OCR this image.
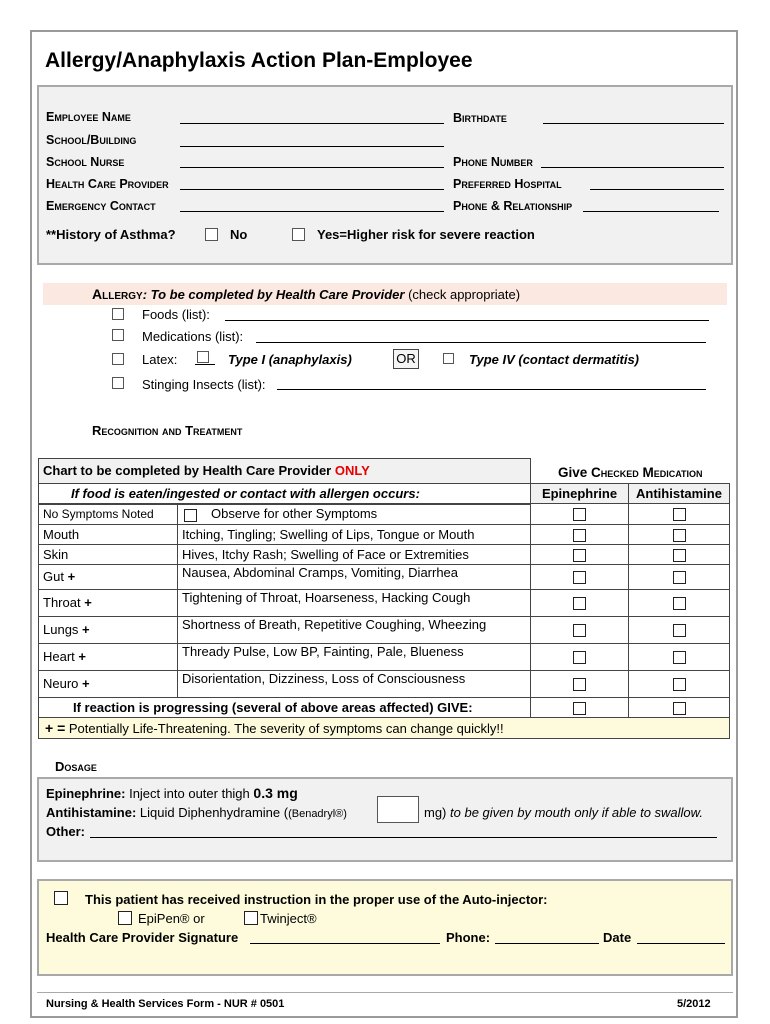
Allergy/Anaphylaxis Action Plan-Employee
Employee Name	Birthdate
School/Building
School Nurse	Phone Number
Health Care Provider	Preferred Hospital
Emergency Contact	Phone & Relationship
**History of Asthma?	No	Yes=Higher risk for severe reaction
Allergy: To be completed by Health Care Provider (check appropriate)
Foods (list):
Medications (list):
Latex:	Type I (anaphylaxis)	OR	Type IV (contact dermatitis)
Stinging Insects (list):
Recognition and Treatment
Chart to be completed by Health Care Provider ONLY		Give Checked Medication	
If food is eaten/ingested or contact with allergen occurs:		Epinephrine	Antihistamine
No Symptoms Noted	Observe for other Symptoms		
Mouth	Itching, Tingling; Swelling of Lips, Tongue or Mouth		
Skin	Hives, Itchy Rash; Swelling of Face or Extremities		
Gut +	Nausea, Abdominal Cramps, Vomiting, Diarrhea		
Throat +	Tightening of Throat, Hoarseness, Hacking Cough		
Lungs +	Shortness of Breath, Repetitive Coughing, Wheezing		
Heart +	Thready Pulse, Low BP, Fainting, Pale, Blueness		
Neuro +	Disorientation, Dizziness, Loss of Consciousness		
If reaction is progressing (several of above areas affected) GIVE:			
+ = Potentially Life-Threatening. The severity of symptoms can change quickly!!			
Dosage
Epinephrine: Inject into outer thigh 0.3 mg
Antihistamine: Liquid Diphenhydramine ((Benadryl®)	mg) to be given by mouth only if able to swallow.
Other:
This patient has received instruction in the proper use of the Auto-injector:
EpiPen® or	Twinject®
Health Care Provider Signature	Phone:	Date
Nursing & Health Services Form - NUR # 0501	5/2012
